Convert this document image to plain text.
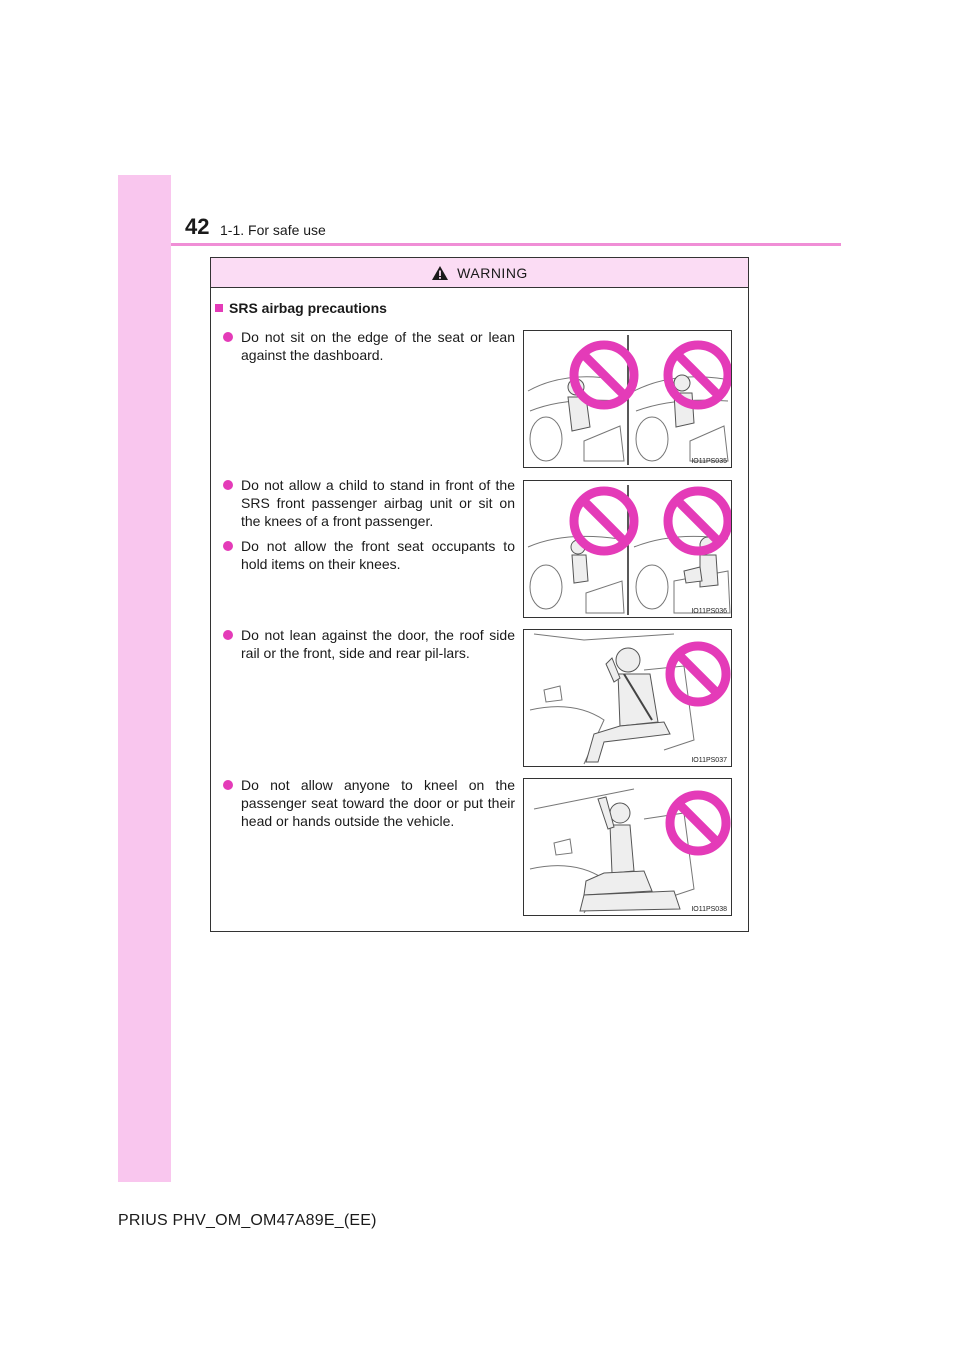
42 1-1. For safe use
WARNING
SRS airbag precautions

Do not sit on the edge of the seat or lean against the dashboard.

IO11PS035

Do not allow a child to stand in front of the SRS front passenger airbag unit or sit on the knees of a front passenger.

Do not allow the front seat occupants to hold items on their knees.

IO11PS036

Do not lean against the door, the roof side rail or the front, side and rear pil-lars.

IO11PS037

Do not allow anyone to kneel on the passenger seat toward the door or put their head or hands outside the vehicle.

IO11PS038
PRIUS PHV_OM_OM47A89E_(EE)
